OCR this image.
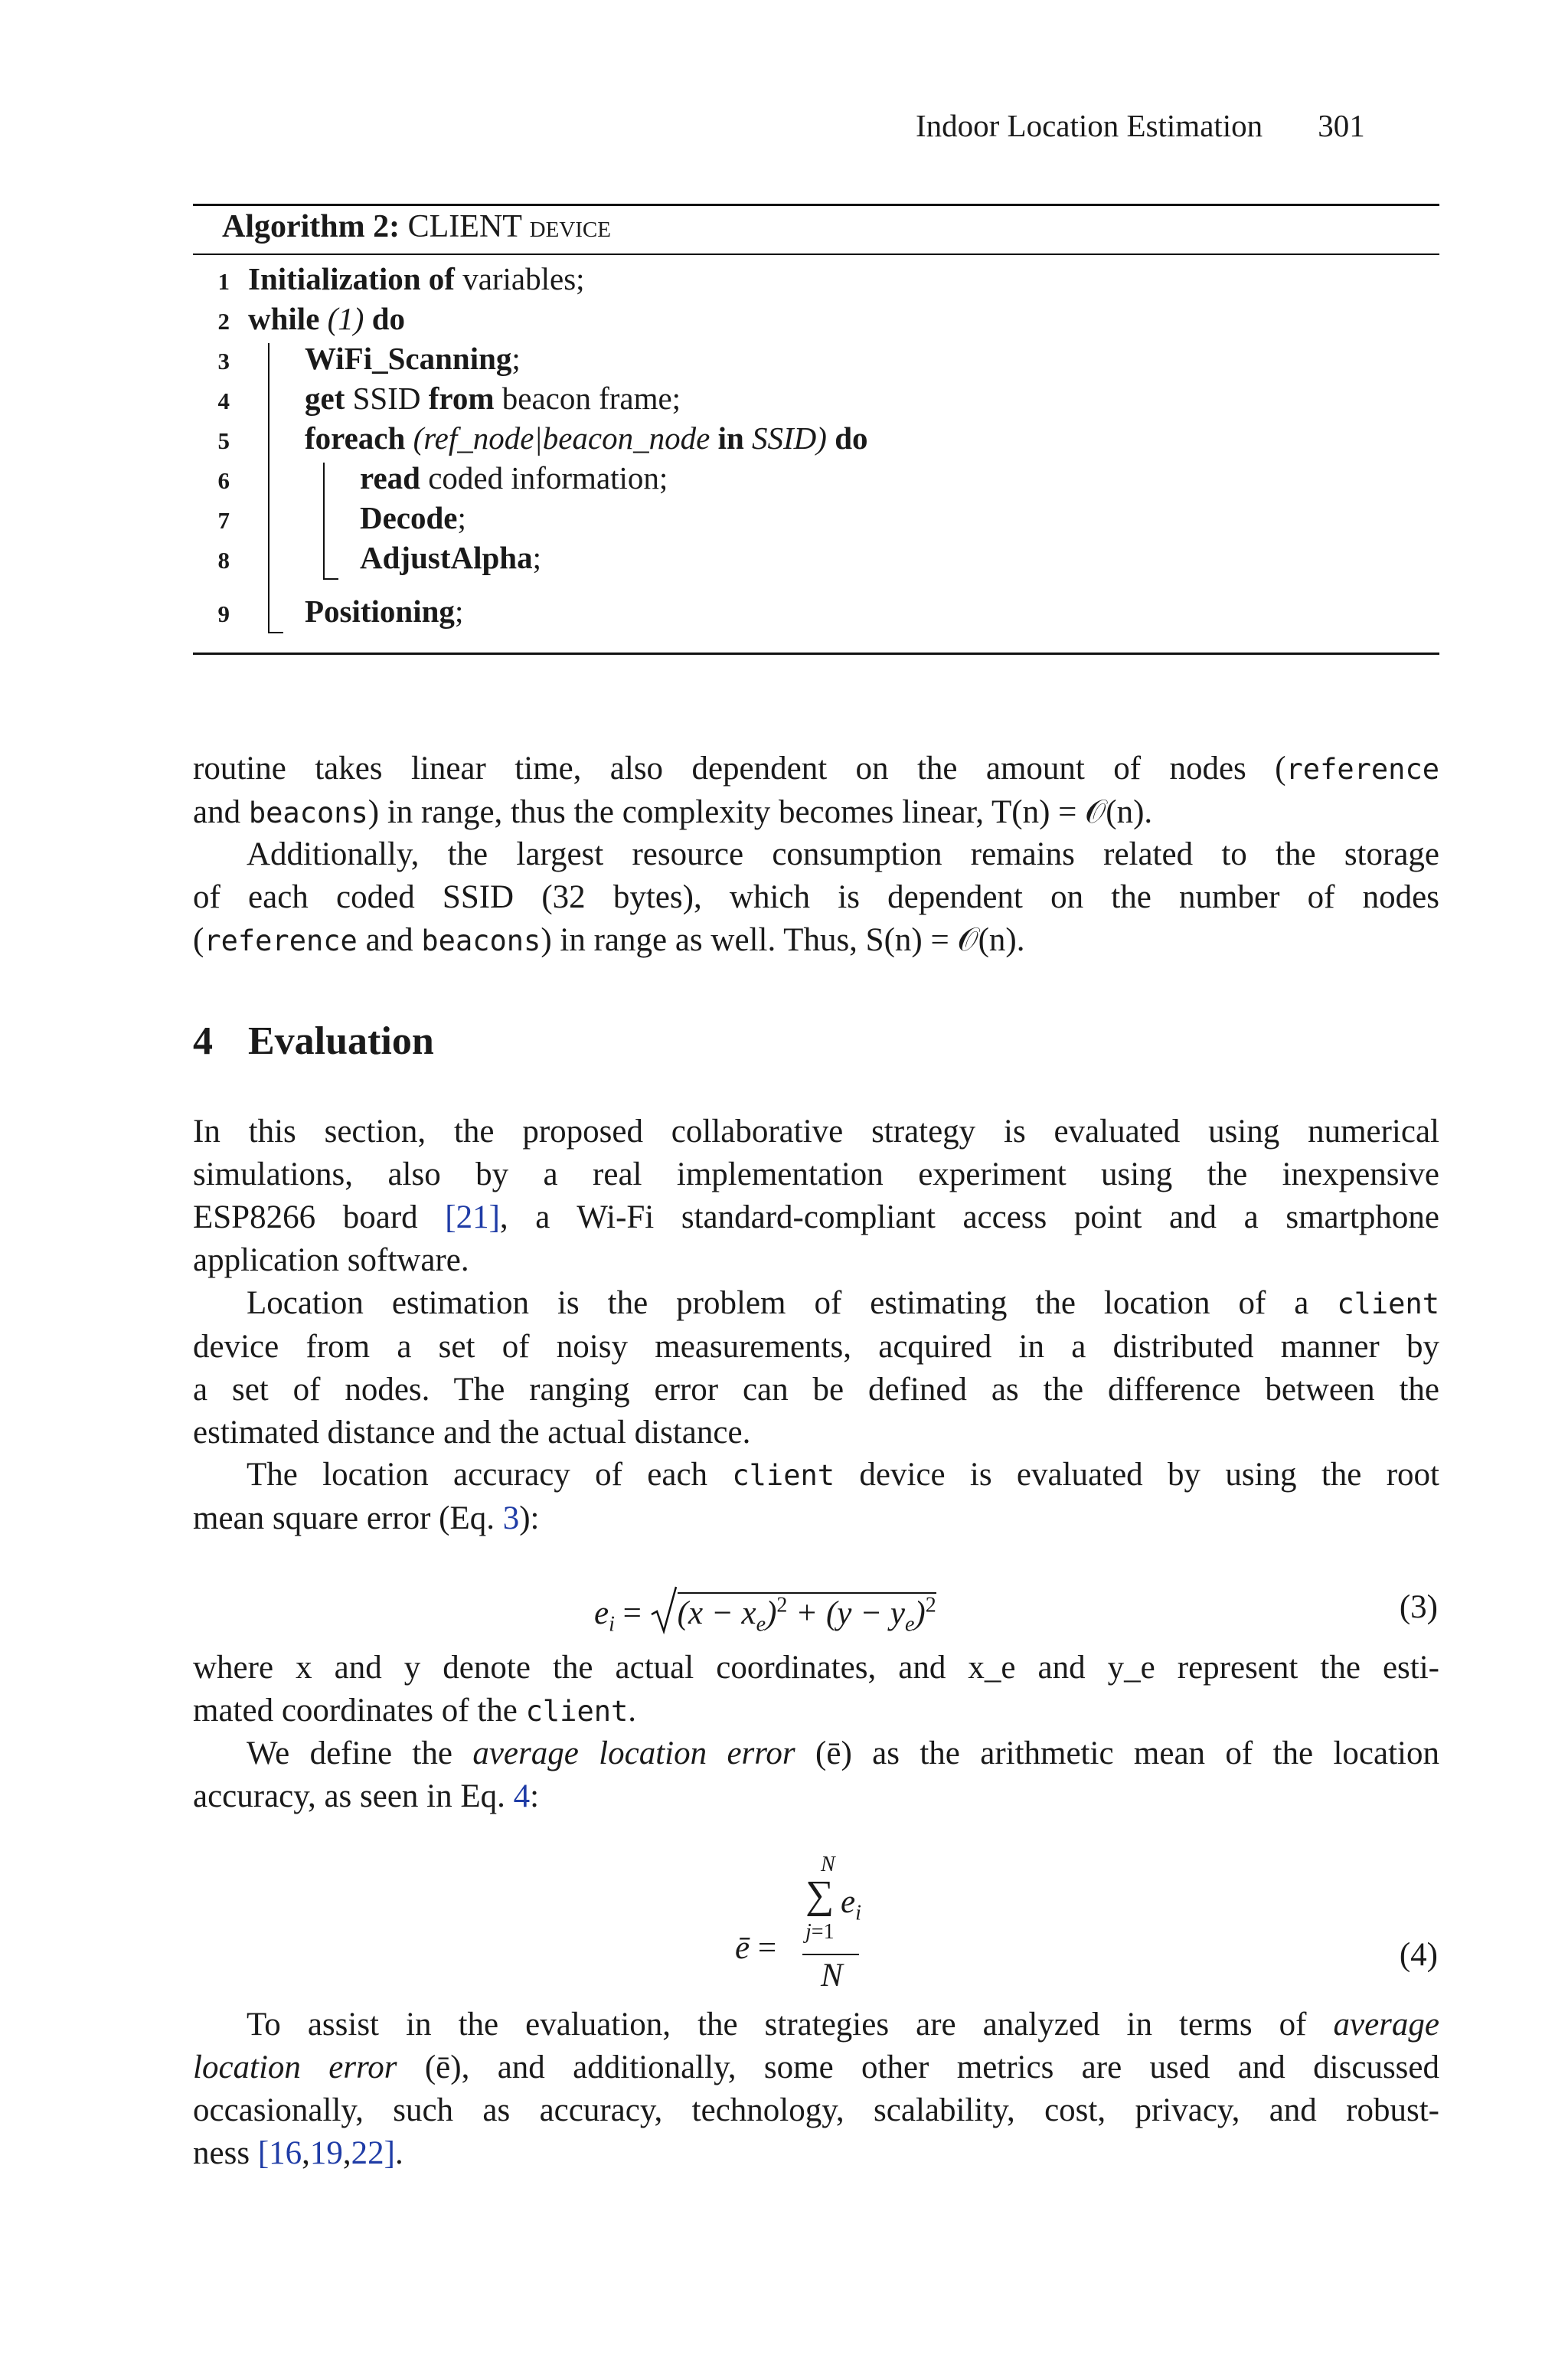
Indoor Location Estimation 301
Algorithm 2: CLIENT device
1 Initialization of variables;
2 while (1) do
3 WiFi_Scanning;
4 get SSID from beacon frame;
5 foreach (ref_node|beacon_node in SSID) do
6	read coded information;
7	Decode;
8	AdjustAlpha;
9 Positioning;
routine takes linear time, also dependent on the amount of nodes (reference
and beacons) in range, thus the complexity becomes linear, T(n) = 𝒪(n).
Additionally, the largest resource consumption remains related to the storage
of each coded SSID (32 bytes), which is dependent on the number of nodes
(reference and beacons) in range as well. Thus, S(n) = 𝒪(n).
4 Evaluation
In this section, the proposed collaborative strategy is evaluated using numerical
simulations, also by a real implementation experiment using the inexpensive
ESP8266 board [21], a Wi-Fi standard-compliant access point and a smartphone
application software.
Location estimation is the problem of estimating the location of a client
device from a set of noisy measurements, acquired in a distributed manner by
a set of nodes. The ranging error can be defined as the difference between the
estimated distance and the actual distance.
The location accuracy of each client device is evaluated by using the root
mean square error (Eq. 3):
$e_i = (x - x_e)^2 + (y - y_e)^2$	(3)
where x and y denote the actual coordinates, and x_e and y_e represent the esti-
mated coordinates of the client.
We define the average location error (ē) as the arithmetic mean of the location
accuracy, as seen in Eq. 4:
ē =
N
∑ $e_i$
j=1
N
(4)
To assist in the evaluation, the strategies are analyzed in terms of average
location error (ē), and additionally, some other metrics are used and discussed
occasionally, such as accuracy, technology, scalability, cost, privacy, and robust-
ness [16,19,22].
